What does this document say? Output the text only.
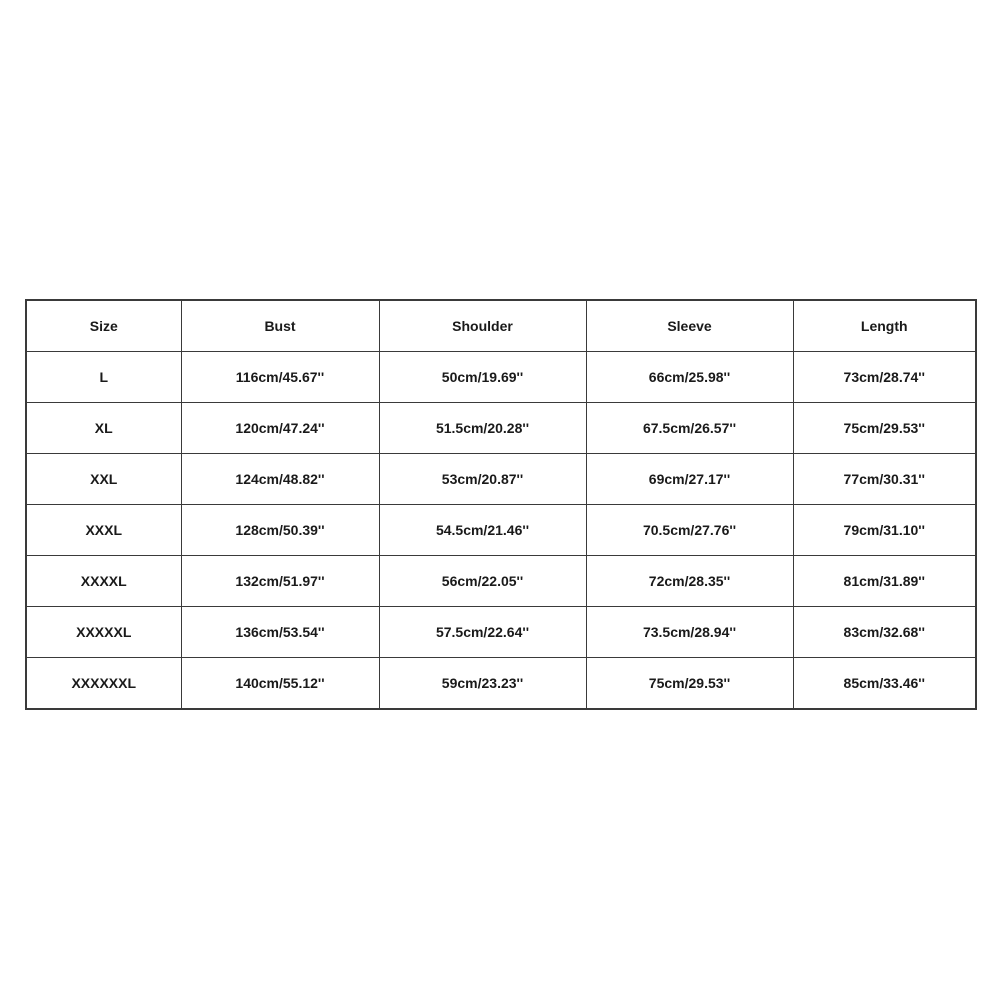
Size	Bust	Shoulder	Sleeve	Length
L	116cm/45.67''	50cm/19.69''	66cm/25.98''	73cm/28.74''
XL	120cm/47.24''	51.5cm/20.28''	67.5cm/26.57''	75cm/29.53''
XXL	124cm/48.82''	53cm/20.87''	69cm/27.17''	77cm/30.31''
XXXL	128cm/50.39''	54.5cm/21.46''	70.5cm/27.76''	79cm/31.10''
XXXXL	132cm/51.97''	56cm/22.05''	72cm/28.35''	81cm/31.89''
XXXXXL	136cm/53.54''	57.5cm/22.64''	73.5cm/28.94''	83cm/32.68''
XXXXXXL	140cm/55.12''	59cm/23.23''	75cm/29.53''	85cm/33.46''
